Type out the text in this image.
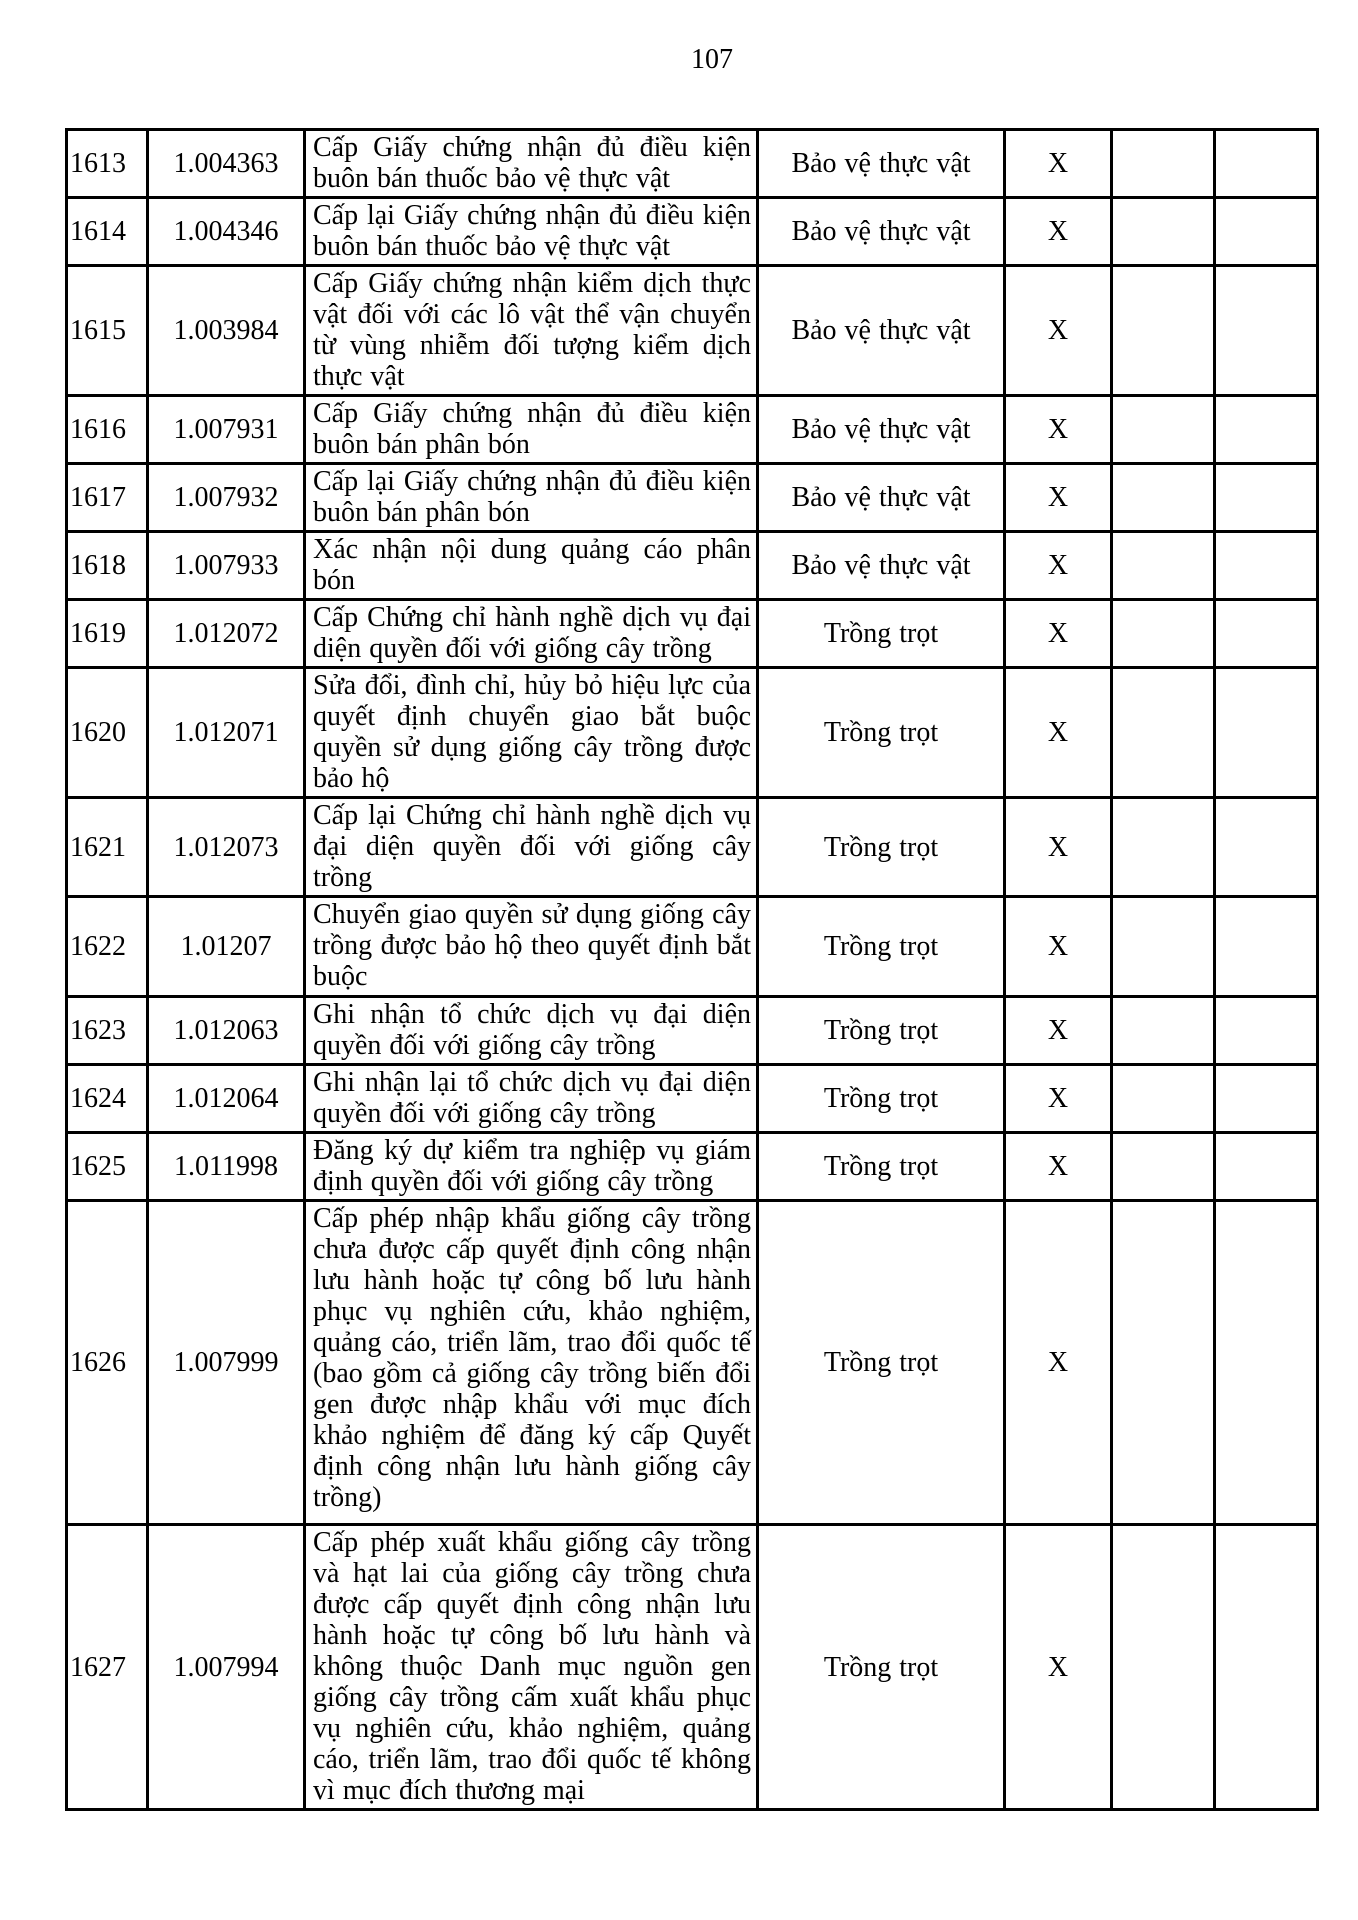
107
1613	1.004363	Cấp Giấy chứng nhận đủ điều kiện buôn bán thuốc bảo vệ thực vật	Bảo vệ thực vật	X		
1614	1.004346	Cấp lại Giấy chứng nhận đủ điều kiện buôn bán thuốc bảo vệ thực vật	Bảo vệ thực vật	X		
1615	1.003984	Cấp Giấy chứng nhận kiểm dịch thực vật đối với các lô vật thể vận chuyển từ vùng nhiễm đối tượng kiểm dịch thực vật	Bảo vệ thực vật	X		
1616	1.007931	Cấp Giấy chứng nhận đủ điều kiện buôn bán phân bón	Bảo vệ thực vật	X		
1617	1.007932	Cấp lại Giấy chứng nhận đủ điều kiện buôn bán phân bón	Bảo vệ thực vật	X		
1618	1.007933	Xác nhận nội dung quảng cáo phân bón	Bảo vệ thực vật	X		
1619	1.012072	Cấp Chứng chỉ hành nghề dịch vụ đại diện quyền đối với giống cây trồng	Trồng trọt	X		
1620	1.012071	Sửa đổi, đình chỉ, hủy bỏ hiệu lực của quyết định chuyển giao bắt buộc quyền sử dụng giống cây trồng được bảo hộ	Trồng trọt	X		
1621	1.012073	Cấp lại Chứng chỉ hành nghề dịch vụ đại diện quyền đối với giống cây trồng	Trồng trọt	X		
1622	1.01207	Chuyển giao quyền sử dụng giống cây trồng được bảo hộ theo quyết định bắt buộc	Trồng trọt	X		
1623	1.012063	Ghi nhận tổ chức dịch vụ đại diện quyền đối với giống cây trồng	Trồng trọt	X		
1624	1.012064	Ghi nhận lại tổ chức dịch vụ đại diện quyền đối với giống cây trồng	Trồng trọt	X		
1625	1.011998	Đăng ký dự kiểm tra nghiệp vụ giám định quyền đối với giống cây trồng	Trồng trọt	X		
1626	1.007999	Cấp phép nhập khẩu giống cây trồng chưa được cấp quyết định công nhận lưu hành hoặc tự công bố lưu hành phục vụ nghiên cứu, khảo nghiệm, quảng cáo, triển lãm, trao đổi quốc tế (bao gồm cả giống cây trồng biến đổi gen được nhập khẩu với mục đích khảo nghiệm để đăng ký cấp Quyết định công nhận lưu hành giống cây trồng)	Trồng trọt	X		
1627	1.007994	Cấp phép xuất khẩu giống cây trồng và hạt lai của giống cây trồng chưa được cấp quyết định công nhận lưu hành hoặc tự công bố lưu hành và không thuộc Danh mục nguồn gen giống cây trồng cấm xuất khẩu phục vụ nghiên cứu, khảo nghiệm, quảng cáo, triển lãm, trao đổi quốc tế không vì mục đích thương mại	Trồng trọt	X		
